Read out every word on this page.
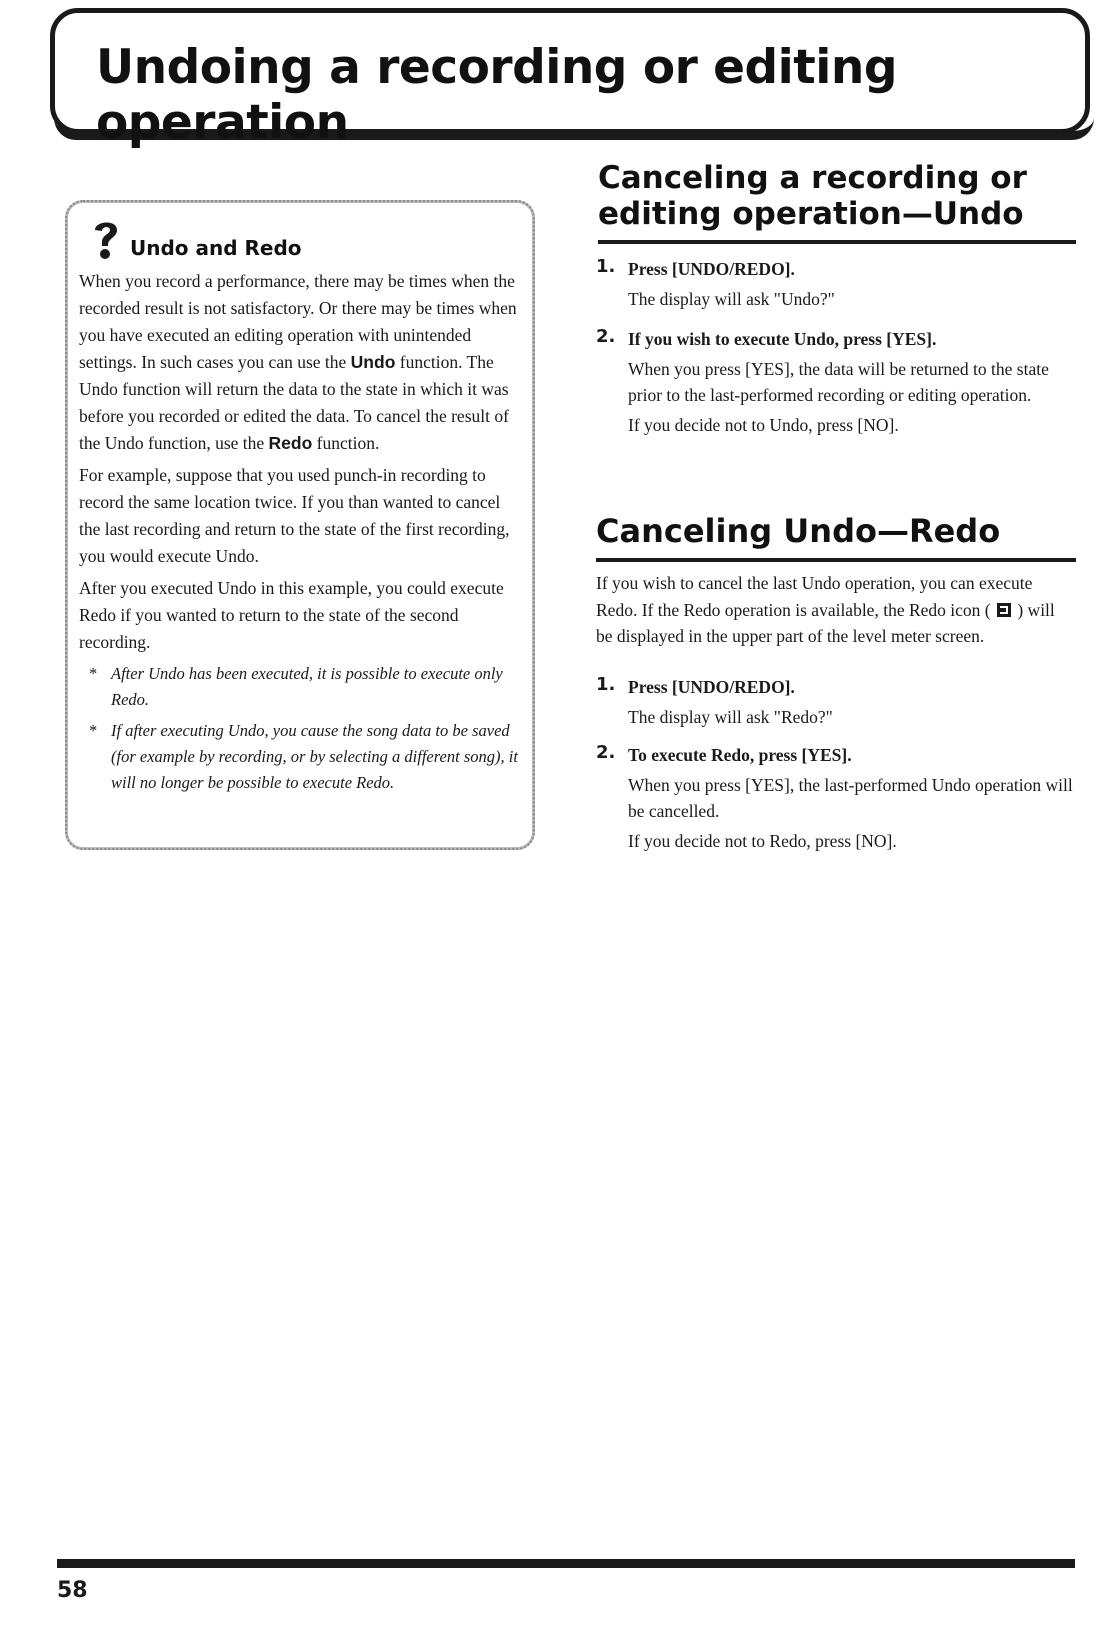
Undoing a recording or editing operation
Undo and Redo

When you record a performance, there may be times when the recorded result is not satisfactory. Or there may be times when you have executed an editing operation with unintended settings. In such cases you can use the Undo function. The Undo function will return the data to the state in which it was before you recorded or edited the data. To cancel the result of the Undo function, use the Redo function.

For example, suppose that you used punch-in recording to record the same location twice. If you than wanted to cancel the last recording and return to the state of the first recording, you would execute Undo.

After you executed Undo in this example, you could execute Redo if you wanted to return to the state of the second recording.

* After Undo has been executed, it is possible to execute only Redo.

* If after executing Undo, you cause the song data to be saved (for example by recording, or by selecting a different song), it will no longer be possible to execute Redo.

Canceling a recording or editing operation—Undo
1. Press [UNDO/REDO].

The display will ask "Undo?"

2. If you wish to execute Undo, press [YES].

When you press [YES], the data will be returned to the state prior to the last-performed recording or editing operation.

If you decide not to Undo, press [NO].

Canceling Undo—Redo

If you wish to cancel the last Undo operation, you can execute Redo. If the Redo operation is available, the Redo icon ( ) will be displayed in the upper part of the level meter screen.

1. Press [UNDO/REDO].

The display will ask "Redo?"

2. To execute Redo, press [YES].

When you press [YES], the last-performed Undo operation will be cancelled.

If you decide not to Redo, press [NO].

58
